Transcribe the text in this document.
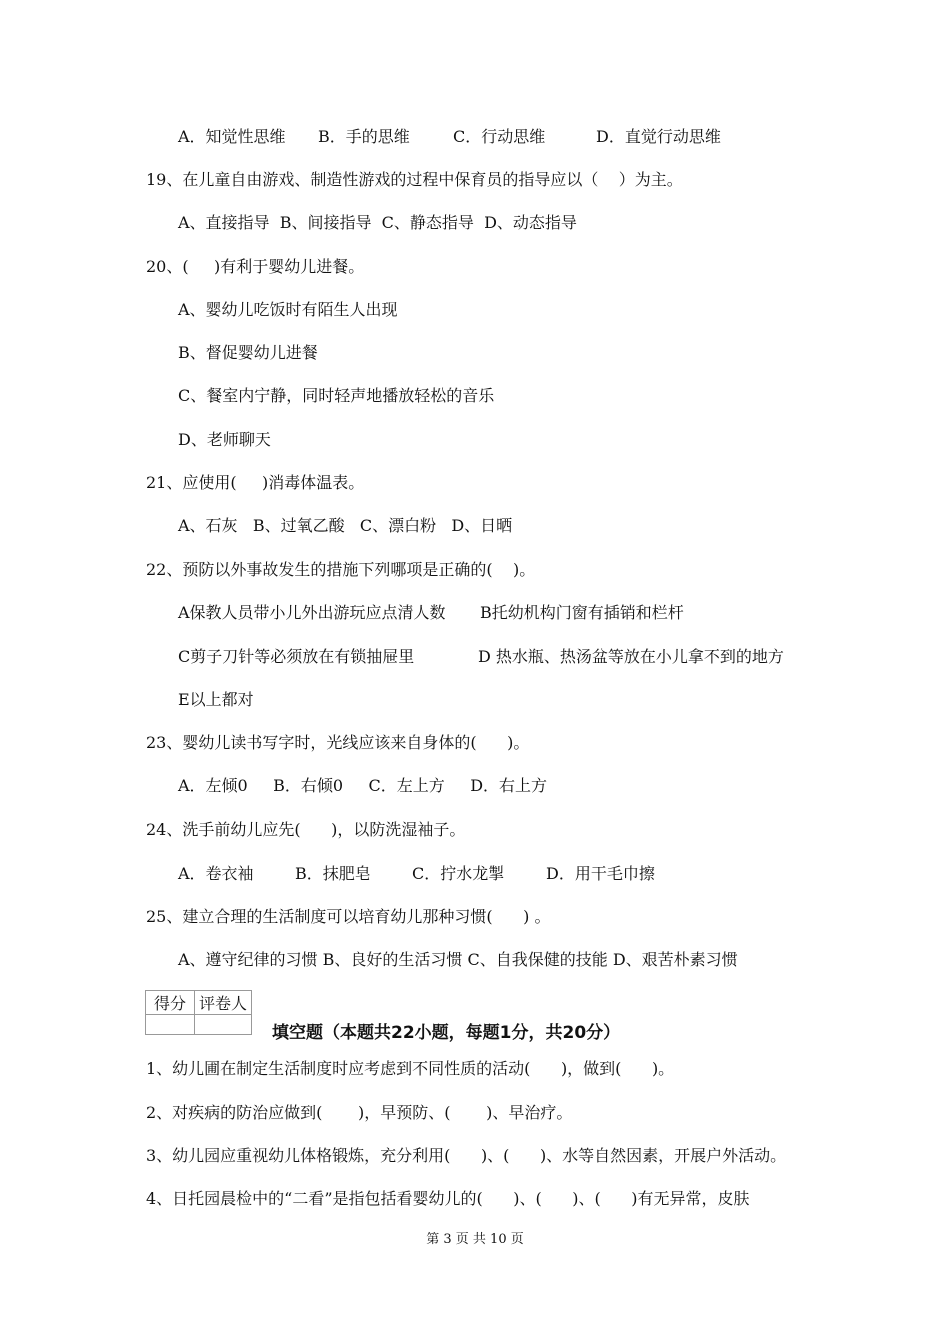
A．知觉性思维 B．手的思维	C．行动思维	D．直觉行动思维
19、在儿童自由游戏、制造性游戏的过程中保育员的指导应以（    ）为主。
A、直接指导  B、间接指导  C、静态指导  D、动态指导
20、(     )有利于婴幼儿进餐。
A、婴幼儿吃饭时有陌生人出现
B、督促婴幼儿进餐
C、餐室内宁静，同时轻声地播放轻松的音乐
D、老师聊天
21、应使用(     )消毒体温表。
A、石灰   B、过氧乙酸   C、漂白粉   D、日晒
22、预防以外事故发生的措施下列哪项是正确的(    )。
A保教人员带小儿外出游玩应点清人数 B托幼机构门窗有插销和栏杆
C剪子刀针等必须放在有锁抽屉里	D 热水瓶、热汤盆等放在小儿拿不到的地方
E以上都对
23、婴幼儿读书写字时，光线应该来自身体的(      )。
A．左倾0     B．右倾0     C．左上方     D．右上方
24、洗手前幼儿应先(      )，以防洗湿袖子。
A．卷衣袖	B．抹肥皂	C．拧水龙掣	D．用干毛巾擦
25、建立合理的生活制度可以培育幼儿那种习惯(      ) 。
A、遵守纪律的习惯 B、良好的生活习惯 C、自我保健的技能 D、艰苦朴素习惯
得分	评卷人

填空题（本题共22小题，每题1分，共20分）
1、幼儿圃在制定生活制度时应考虑到不同性质的活动(      )，做到(      )。
2、对疾病的防治应做到(       )，早预防、(       )、早治疗。
3、幼儿园应重视幼儿体格锻炼，充分利用(      )、(      )、水等自然因素，开展户外活动。
4、日托园晨检中的“二看”是指包括看婴幼儿的(      )、(      )、(      )有无异常，皮肤
第 3 页 共 10 页
